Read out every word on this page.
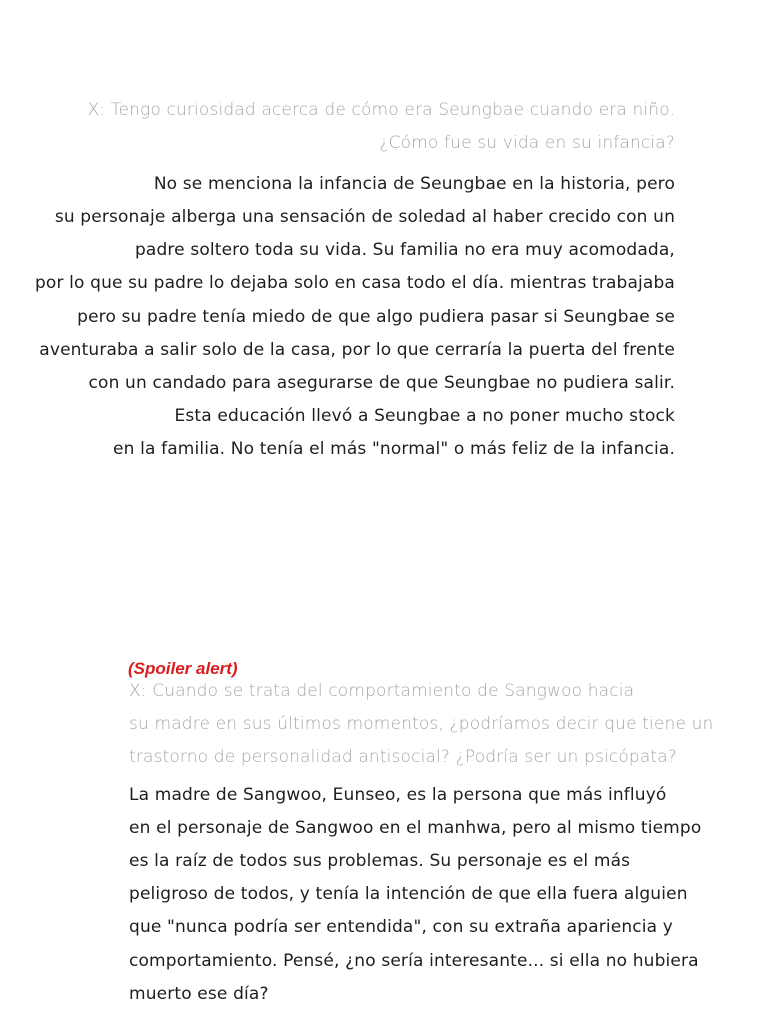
X: Tengo curiosidad acerca de cómo era Seungbae cuando era niño.
¿Cómo fue su vida en su infancia?
No se menciona la infancia de Seungbae en la historia, pero
su personaje alberga una sensación de soledad al haber crecido con un
padre soltero toda su vida. Su familia no era muy acomodada,
por lo que su padre lo dejaba solo en casa todo el día. mientras trabajaba
pero su padre tenía miedo de que algo pudiera pasar si Seungbae se
aventuraba a salir solo de la casa, por lo que cerraría la puerta del frente
con un candado para asegurarse de que Seungbae no pudiera salir.
Esta educación llevó a Seungbae a no poner mucho stock
en la familia. No tenía el más "normal" o más feliz de la infancia.
(Spoiler alert)
X: Cuando se trata del comportamiento de Sangwoo hacia
su madre en sus últimos momentos, ¿podríamos decir que tiene un
trastorno de personalidad antisocial? ¿Podría ser un psicópata?
La madre de Sangwoo, Eunseo, es la persona que más influyó
en el personaje de Sangwoo en el manhwa, pero al mismo tiempo
es la raíz de todos sus problemas. Su personaje es el más
peligroso de todos, y tenía la intención de que ella fuera alguien
que "nunca podría ser entendida", con su extraña apariencia y
comportamiento. Pensé, ¿no sería interesante... si ella no hubiera
muerto ese día?
